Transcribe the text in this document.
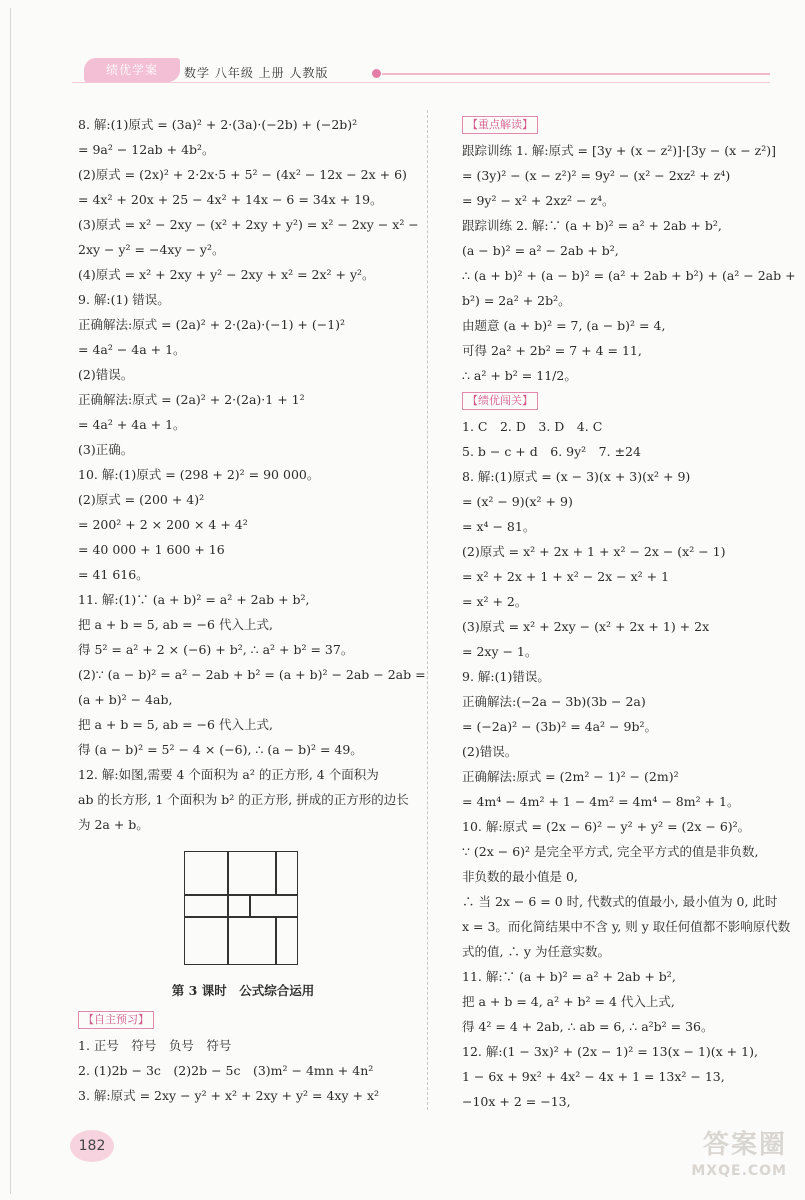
绩优学案	数学 八年级 上册 人教版
8. 解:(1)原式 = (3a)² + 2·(3a)·(−2b) + (−2b)²
= 9a² − 12ab + 4b²。
(2)原式 = (2x)² + 2·2x·5 + 5² − (4x² − 12x − 2x + 6)
= 4x² + 20x + 25 − 4x² + 14x − 6 = 34x + 19。
(3)原式 = x² − 2xy − (x² + 2xy + y²) = x² − 2xy − x² −
2xy − y² = −4xy − y²。
(4)原式 = x² + 2xy + y² − 2xy + x² = 2x² + y²。
9. 解:(1) 错误。
正确解法:原式 = (2a)² + 2·(2a)·(−1) + (−1)²
= 4a² − 4a + 1。
(2)错误。
正确解法:原式 = (2a)² + 2·(2a)·1 + 1²
= 4a² + 4a + 1。
(3)正确。
10. 解:(1)原式 = (298 + 2)² = 90 000。
(2)原式 = (200 + 4)²
= 200² + 2 × 200 × 4 + 4²
= 40 000 + 1 600 + 16
= 41 616。
11. 解:(1)∵ (a + b)² = a² + 2ab + b²,
把 a + b = 5, ab = −6 代入上式,
得 5² = a² + 2 × (−6) + b², ∴ a² + b² = 37。
(2)∵ (a − b)² = a² − 2ab + b² = (a + b)² − 2ab − 2ab =
(a + b)² − 4ab,
把 a + b = 5, ab = −6 代入上式,
得 (a − b)² = 5² − 4 × (−6), ∴ (a − b)² = 49。
12. 解:如图,需要 4 个面积为 a² 的正方形, 4 个面积为
ab 的长方形, 1 个面积为 b² 的正方形, 拼成的正方形的边长
为 2a + b。
第 3 课时　公式综合运用
【自主预习】
1. 正号　符号　负号　符号
2. (1)2b − 3c　(2)2b − 5c　(3)m² − 4mn + 4n²
3. 解:原式 = 2xy − y² + x² + 2xy + y² = 4xy + x²
【重点解读】
跟踪训练 1. 解:原式 = [3y + (x − z²)]·[3y − (x − z²)]
= (3y)² − (x − z²)² = 9y² − (x² − 2xz² + z⁴)
= 9y² − x² + 2xz² − z⁴。
跟踪训练 2. 解:∵ (a + b)² = a² + 2ab + b²,
(a − b)² = a² − 2ab + b²,
∴ (a + b)² + (a − b)² = (a² + 2ab + b²) + (a² − 2ab +
b²) = 2a² + 2b²。
由题意 (a + b)² = 7, (a − b)² = 4,
可得 2a² + 2b² = 7 + 4 = 11,
∴ a² + b² = 11/2。
【绩优闯关】
1. C　2. D　3. D　4. C
5. b − c + d　6. 9y²　7. ±24
8. 解:(1)原式 = (x − 3)(x + 3)(x² + 9)
= (x² − 9)(x² + 9)
= x⁴ − 81。
(2)原式 = x² + 2x + 1 + x² − 2x − (x² − 1)
= x² + 2x + 1 + x² − 2x − x² + 1
= x² + 2。
(3)原式 = x² + 2xy − (x² + 2x + 1) + 2x
= 2xy − 1。
9. 解:(1)错误。
正确解法:(−2a − 3b)(3b − 2a)
= (−2a)² − (3b)² = 4a² − 9b²。
(2)错误。
正确解法:原式 = (2m² − 1)² − (2m)²
= 4m⁴ − 4m² + 1 − 4m² = 4m⁴ − 8m² + 1。
10. 解:原式 = (2x − 6)² − y² + y² = (2x − 6)²。
∵ (2x − 6)² 是完全平方式, 完全平方式的值是非负数,
非负数的最小值是 0,
∴ 当 2x − 6 = 0 时, 代数式的值最小, 最小值为 0, 此时
x = 3。而化简结果中不含 y, 则 y 取任何值都不影响原代数
式的值, ∴ y 为任意实数。
11. 解:∵ (a + b)² = a² + 2ab + b²,
把 a + b = 4, a² + b² = 4 代入上式,
得 4² = 4 + 2ab, ∴ ab = 6, ∴ a²b² = 36。
12. 解:(1 − 3x)² + (2x − 1)² = 13(x − 1)(x + 1),
1 − 6x + 9x² + 4x² − 4x + 1 = 13x² − 13,
−10x + 2 = −13,
182	答案圈
MXQE.COM
